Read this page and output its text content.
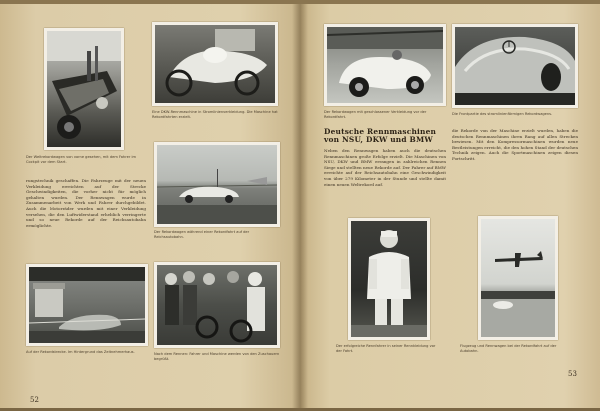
Der Weltrekordwagen von vorne gesehen, mit dem Fahrer im Cockpit vor dem Start.
Eine DKW-Rennmaschine in Stromlinienverkleidung. Die Maschine hat Rekordfahrten erzielt.
rungstechnik geschaffen. Die Fahrzeuge mit der neuen Verkleidung erreichten auf der Strecke Geschwindigkeiten, die vorher nicht für möglich gehalten wurden. Der Rennwagen wurde in Zusammenarbeit von Werk und Fahrer durchgebildet. Auch die Motorräder wurden mit einer Verkleidung versehen, die den Luftwiderstand erheblich verringerte und so neue Rekorde auf der Reichsautobahn ermöglichte.
Der Rekordwagen während einer Rekordfahrt auf der Reichsautobahn.
Auf der Rekordstrecke. Im Hintergrund das Zeitnehmerhaus.	Nach dem Rennen: Fahrer und Maschine werden von den Zuschauern begrüßt.
52
Der Rekordwagen mit geschlossener Verkleidung vor der Rekordfahrt.
Die Frontpartie des stromlinienförmigen Rekordwagens.
Deutsche Rennmaschinen von NSU, DKW und BMW
Neben den Rennwagen haben auch die deutschen Rennmaschinen große Erfolge erzielt. Die Maschinen von NSU, DKW und BMW errangen in zahlreichen Rennen Siege und stellten neue Rekorde auf. Der Fahrer auf BMW erreichte auf der Reichsautobahn eine Geschwindigkeit von über 279 Kilometer in der Stunde und stellte damit einen neuen Weltrekord auf.
die Rekorde von der Maschine erzielt wurden, haben die deutschen Rennmaschinen ihren Rang auf allen Strecken bewiesen. Mit den Kompressormaschinen wurden neue Bestleistungen erreicht, die den hohen Stand der deutschen Technik zeigen. Auch die Sportmaschinen zeigen diesen Fortschritt.
Der erfolgreiche Rennfahrer in seiner Rennkleidung vor der Fahrt.
Flugzeug und Rennwagen bei der Rekordfahrt auf der Autobahn.
53
